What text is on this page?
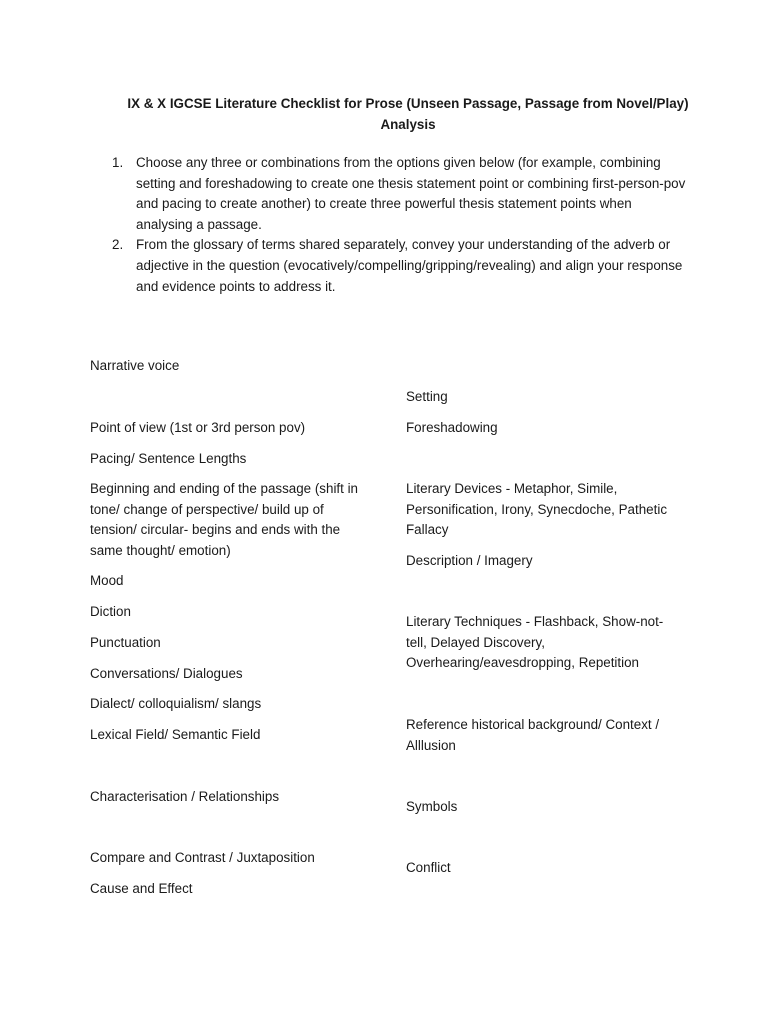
IX & X IGCSE Literature Checklist for Prose (Unseen Passage, Passage from Novel/Play)
Analysis
1. Choose any three or combinations from the options given below (for example, combining setting and foreshadowing to create one thesis statement point or combining first-person-pov and pacing to create another) to create three powerful thesis statement points when analysing a passage.
2. From the glossary of terms shared separately, convey your understanding of the adverb or adjective in the question (evocatively/compelling/gripping/revealing) and align your response and evidence points to address it.
Narrative voice
Point of view (1st or 3rd person pov)
Pacing/ Sentence Lengths
Beginning and ending of the passage (shift in tone/ change of perspective/ build up of tension/ circular- begins and ends with the same thought/ emotion)
Mood
Diction
Punctuation
Conversations/ Dialogues
Dialect/ colloquialism/ slangs
Lexical Field/ Semantic Field
Characterisation / Relationships
Compare and Contrast / Juxtaposition
Cause and Effect
Setting
Foreshadowing
Literary Devices - Metaphor, Simile, Personification, Irony, Synecdoche, Pathetic Fallacy
Description / Imagery
Literary Techniques - Flashback, Show-not-tell, Delayed Discovery, Overhearing/eavesdropping, Repetition
Reference historical background/ Context / Alllusion
Symbols
Conflict
